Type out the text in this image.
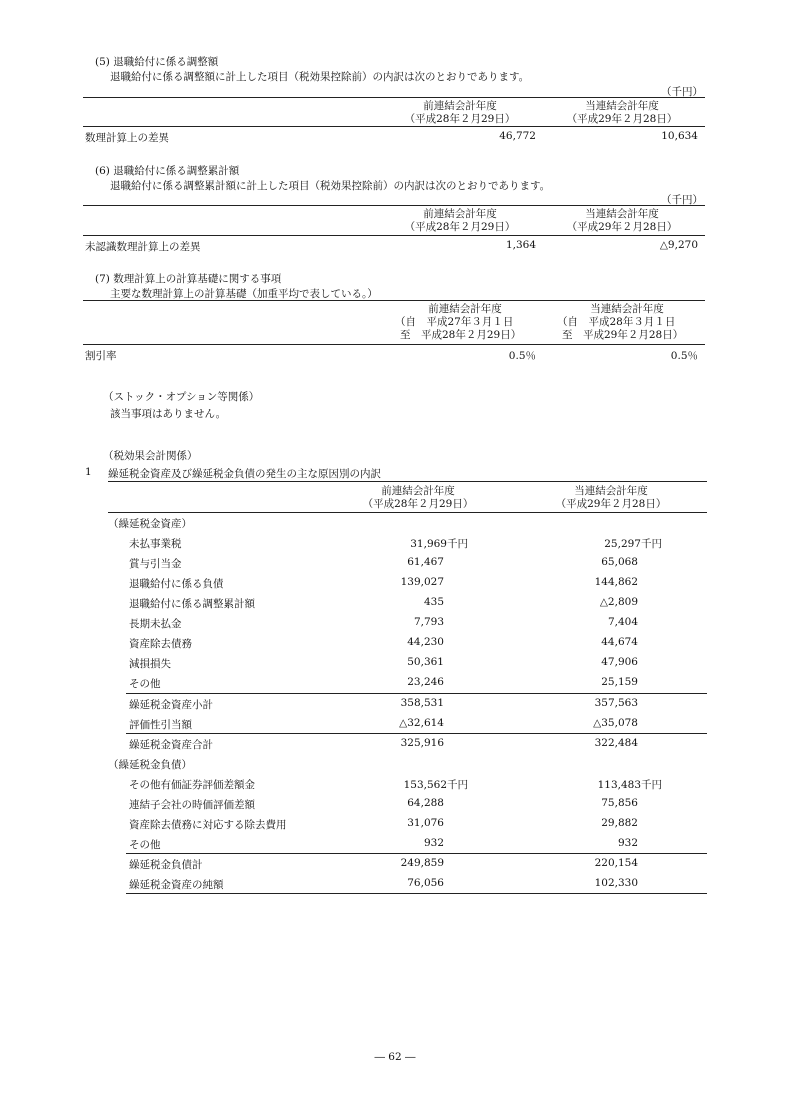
(5) 退職給付に係る調整額
退職給付に係る調整額に計上した項目（税効果控除前）の内訳は次のとおりであります。
（千円）
前連結会計年度
（平成28年２月29日）
当連結会計年度
（平成29年２月28日）
数理計算上の差異	46,772	10,634
(6) 退職給付に係る調整累計額
退職給付に係る調整累計額に計上した項目（税効果控除前）の内訳は次のとおりであります。
（千円）
前連結会計年度
（平成28年２月29日）
当連結会計年度
（平成29年２月28日）
未認識数理計算上の差異	1,364	△9,270
(7) 数理計算上の計算基礎に関する事項
主要な数理計算上の計算基礎（加重平均で表している。）
前連結会計年度
（自　平成27年３月１日
至　平成28年２月29日）
当連結会計年度
（自　平成28年３月１日
至　平成29年２月28日）
割引率	0.5％	0.5％
（ストック・オプション等関係）
該当事項はありません。
（税効果会計関係）
1 繰延税金資産及び繰延税金負債の発生の主な原因別の内訳
前連結会計年度
（平成28年２月29日）
当連結会計年度
（平成29年２月28日）
（繰延税金資産）
未払事業税	31,969千円	25,297千円
賞与引当金	61,467	65,068
退職給付に係る負債	139,027	144,862
退職給付に係る調整累計額	435	△2,809
長期未払金	7,793	7,404
資産除去債務	44,230	44,674
減損損失	50,361	47,906
その他	23,246	25,159
繰延税金資産小計	358,531	357,563
評価性引当額	△32,614	△35,078
繰延税金資産合計	325,916	322,484
（繰延税金負債）
その他有価証券評価差額金	153,562千円	113,483千円
連結子会社の時価評価差額	64,288	75,856
資産除去債務に対応する除去費用	31,076	29,882
その他	932	932
繰延税金負債計	249,859	220,154
繰延税金資産の純額	76,056	102,330
― 62 ―
